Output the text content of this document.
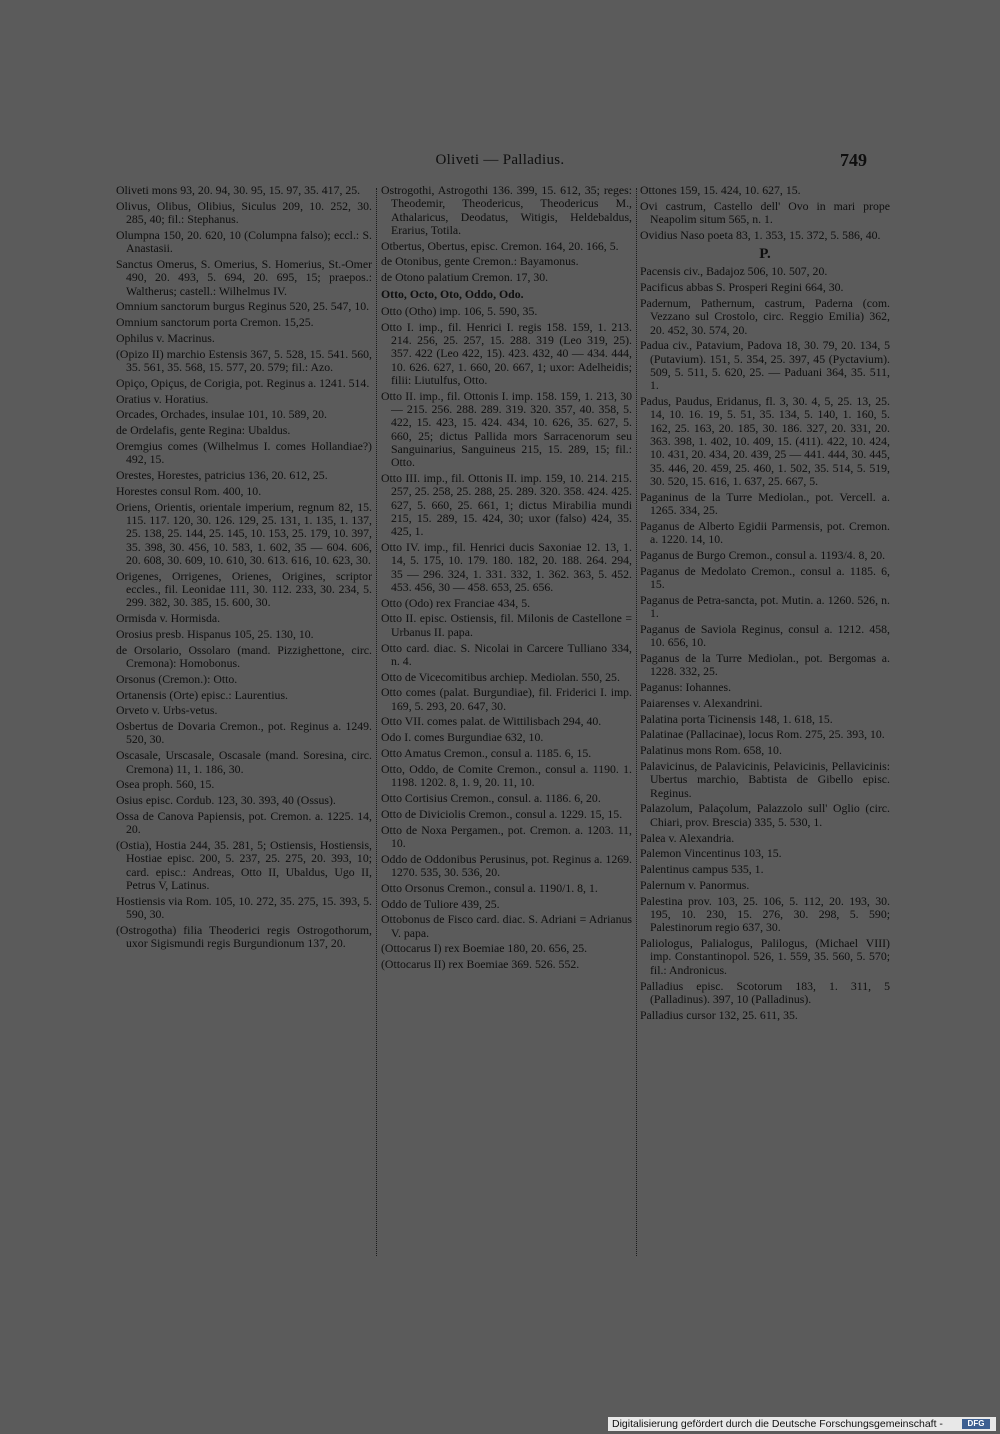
Oliveti — Palladius.	749

Oliveti mons 93, 20. 94, 30. 95, 15. 97, 35. 417, 25.

Olivus, Olibus, Olibius, Siculus 209, 10. 252, 30. 285, 40; fil.: Stephanus.

Olumpna 150, 20. 620, 10 (Columpna falso); eccl.: S. Anastasii.

Sanctus Omerus, S. Omerius, S. Homerius, St.-Omer 490, 20. 493, 5. 694, 20. 695, 15; praepos.: Waltherus; castell.: Wilhelmus IV.

Omnium sanctorum burgus Reginus 520, 25. 547, 10.

Omnium sanctorum porta Cremon. 15,25.

Ophilus v. Macrinus.

(Opizo II) marchio Estensis 367, 5. 528, 15. 541. 560, 35. 561, 35. 568, 15. 577, 20. 579; fil.: Azo.

Opiço, Opiçus, de Corigia, pot. Reginus a. 1241. 514.

Oratius v. Horatius.

Orcades, Orchades, insulae 101, 10. 589, 20.

de Ordelafis, gente Regina: Ubaldus.

Oremgius comes (Wilhelmus I. comes Hollandiae?) 492, 15.

Orestes, Horestes, patricius 136, 20. 612, 25.

Horestes consul Rom. 400, 10.

Oriens, Orientis, orientale imperium, regnum 82, 15. 115. 117. 120, 30. 126. 129, 25. 131, 1. 135, 1. 137, 25. 138, 25. 144, 25. 145, 10. 153, 25. 179, 10. 397, 35. 398, 30. 456, 10. 583, 1. 602, 35 — 604. 606, 20. 608, 30. 609, 10. 610, 30. 613. 616, 10. 623, 30.

Origenes, Orrigenes, Orienes, Origines, scriptor eccles., fil. Leonidae 111, 30. 112. 233, 30. 234, 5. 299. 382, 30. 385, 15. 600, 30.

Ormisda v. Hormisda.

Orosius presb. Hispanus 105, 25. 130, 10.

de Orsolario, Ossolaro (mand. Pizzighettone, circ. Cremona): Homobonus.

Orsonus (Cremon.): Otto.

Ortanensis (Orte) episc.: Laurentius.

Orveto v. Urbs-vetus.

Osbertus de Dovaria Cremon., pot. Reginus a. 1249. 520, 30.

Oscasale, Urscasale, Oscasale (mand. Soresina, circ. Cremona) 11, 1. 186, 30.

Osea proph. 560, 15.

Osius episc. Cordub. 123, 30. 393, 40 (Ossus).

Ossa de Canova Papiensis, pot. Cremon. a. 1225. 14, 20.

(Ostia), Hostia 244, 35. 281, 5; Ostiensis, Hostiensis, Hostiae episc. 200, 5. 237, 25. 275, 20. 393, 10; card. episc.: Andreas, Otto II, Ubaldus, Ugo II, Petrus V, Latinus.

Hostiensis via Rom. 105, 10. 272, 35. 275, 15. 393, 5. 590, 30.

(Ostrogotha) filia Theoderici regis Ostrogothorum, uxor Sigismundi regis Burgundionum 137, 20.

Ostrogothi, Astrogothi 136. 399, 15. 612, 35; reges: Theodemir, Theodericus, Theodericus M., Athalaricus, Deodatus, Witigis, Heldebaldus, Erarius, Totila.

Otbertus, Obertus, episc. Cremon. 164, 20. 166, 5.

de Otonibus, gente Cremon.: Bayamonus.

de Otono palatium Cremon. 17, 30.

Otto, Octo, Oto, Oddo, Odo.

Otto (Otho) imp. 106, 5. 590, 35.

Otto I. imp., fil. Henrici I. regis 158. 159, 1. 213. 214. 256, 25. 257, 15. 288. 319 (Leo 319, 25). 357. 422 (Leo 422, 15). 423. 432, 40 — 434. 444, 10. 626. 627, 1. 660, 20. 667, 1; uxor: Adelheidis; filii: Liutulfus, Otto.

Otto II. imp., fil. Ottonis I. imp. 158. 159, 1. 213, 30 — 215. 256. 288. 289. 319. 320. 357, 40. 358, 5. 422, 15. 423, 15. 424. 434, 10. 626, 35. 627, 5. 660, 25; dictus Pallida mors Sarracenorum seu Sanguinarius, Sanguineus 215, 15. 289, 15; fil.: Otto.

Otto III. imp., fil. Ottonis II. imp. 159, 10. 214. 215. 257, 25. 258, 25. 288, 25. 289. 320. 358. 424. 425. 627, 5. 660, 25. 661, 1; dictus Mirabilia mundi 215, 15. 289, 15. 424, 30; uxor (falso) 424, 35. 425, 1.

Otto IV. imp., fil. Henrici ducis Saxoniae 12. 13, 1. 14, 5. 175, 10. 179. 180. 182, 20. 188. 264. 294, 35 — 296. 324, 1. 331. 332, 1. 362. 363, 5. 452. 453. 456, 30 — 458. 653, 25. 656.

Otto (Odo) rex Franciae 434, 5.

Otto II. episc. Ostiensis, fil. Milonis de Castellone = Urbanus II. papa.

Otto card. diac. S. Nicolai in Carcere Tulliano 334, n. 4.

Otto de Vicecomitibus archiep. Mediolan. 550, 25.

Otto comes (palat. Burgundiae), fil. Friderici I. imp. 169, 5. 293, 20. 647, 30.

Otto VII. comes palat. de Wittilisbach 294, 40.

Odo I. comes Burgundiae 632, 10.

Otto Amatus Cremon., consul a. 1185. 6, 15.

Otto, Oddo, de Comite Cremon., consul a. 1190. 1. 1198. 1202. 8, 1. 9, 20. 11, 10.

Otto Cortisius Cremon., consul. a. 1186. 6, 20.

Otto de Diviciolis Cremon., consul a. 1229. 15, 15.

Otto de Noxa Pergamen., pot. Cremon. a. 1203. 11, 10.

Oddo de Oddonibus Perusinus, pot. Reginus a. 1269. 1270. 535, 30. 536, 20.

Otto Orsonus Cremon., consul a. 1190/1. 8, 1.

Oddo de Tuliore 439, 25.

Ottobonus de Fisco card. diac. S. Adriani = Adrianus V. papa.

(Ottocarus I) rex Boemiae 180, 20. 656, 25.

(Ottocarus II) rex Boemiae 369. 526. 552.

Ottones 159, 15. 424, 10. 627, 15.

Ovi castrum, Castello dell' Ovo in mari prope Neapolim situm 565, n. 1.

Ovidius Naso poeta 83, 1. 353, 15. 372, 5. 586, 40.

P.

Pacensis civ., Badajoz 506, 10. 507, 20.

Pacificus abbas S. Prosperi Regini 664, 30.

Padernum, Pathernum, castrum, Paderna (com. Vezzano sul Crostolo, circ. Reggio Emilia) 362, 20. 452, 30. 574, 20.

Padua civ., Patavium, Padova 18, 30. 79, 20. 134, 5 (Putavium). 151, 5. 354, 25. 397, 45 (Pyctavium). 509, 5. 511, 5. 620, 25. — Paduani 364, 35. 511, 1.

Padus, Paudus, Eridanus, fl. 3, 30. 4, 5, 25. 13, 25. 14, 10. 16. 19, 5. 51, 35. 134, 5. 140, 1. 160, 5. 162, 25. 163, 20. 185, 30. 186. 327, 20. 331, 20. 363. 398, 1. 402, 10. 409, 15. (411). 422, 10. 424, 10. 431, 20. 434, 20. 439, 25 — 441. 444, 30. 445, 35. 446, 20. 459, 25. 460, 1. 502, 35. 514, 5. 519, 30. 520, 15. 616, 1. 637, 25. 667, 5.

Paganinus de la Turre Mediolan., pot. Vercell. a. 1265. 334, 25.

Paganus de Alberto Egidii Parmensis, pot. Cremon. a. 1220. 14, 10.

Paganus de Burgo Cremon., consul a. 1193/4. 8, 20.

Paganus de Medolato Cremon., consul a. 1185. 6, 15.

Paganus de Petra-sancta, pot. Mutin. a. 1260. 526, n. 1.

Paganus de Saviola Reginus, consul a. 1212. 458, 10. 656, 10.

Paganus de la Turre Mediolan., pot. Bergomas a. 1228. 332, 25.

Paganus: Iohannes.

Paiarenses v. Alexandrini.

Palatina porta Ticinensis 148, 1. 618, 15.

Palatinae (Pallacinae), locus Rom. 275, 25. 393, 10.

Palatinus mons Rom. 658, 10.

Palavicinus, de Palavicinis, Pelavicinis, Pellavicinis: Ubertus marchio, Babtista de Gibello episc. Reginus.

Palazolum, Palaçolum, Palazzolo sull' Oglio (circ. Chiari, prov. Brescia) 335, 5. 530, 1.

Palea v. Alexandria.

Palemon Vincentinus 103, 15.

Palentinus campus 535, 1.

Palernum v. Panormus.

Palestina prov. 103, 25. 106, 5. 112, 20. 193, 30. 195, 10. 230, 15. 276, 30. 298, 5. 590; Palestinorum regio 637, 30.

Paliologus, Palialogus, Palilogus, (Michael VIII) imp. Constantinopol. 526, 1. 559, 35. 560, 5. 570; fil.: Andronicus.

Palladius episc. Scotorum 183, 1. 311, 5 (Palladinus). 397, 10 (Palladinus).

Palladius cursor 132, 25. 611, 35.

Digitalisierung gefördert durch die Deutsche Forschungsgemeinschaft -	DFG
